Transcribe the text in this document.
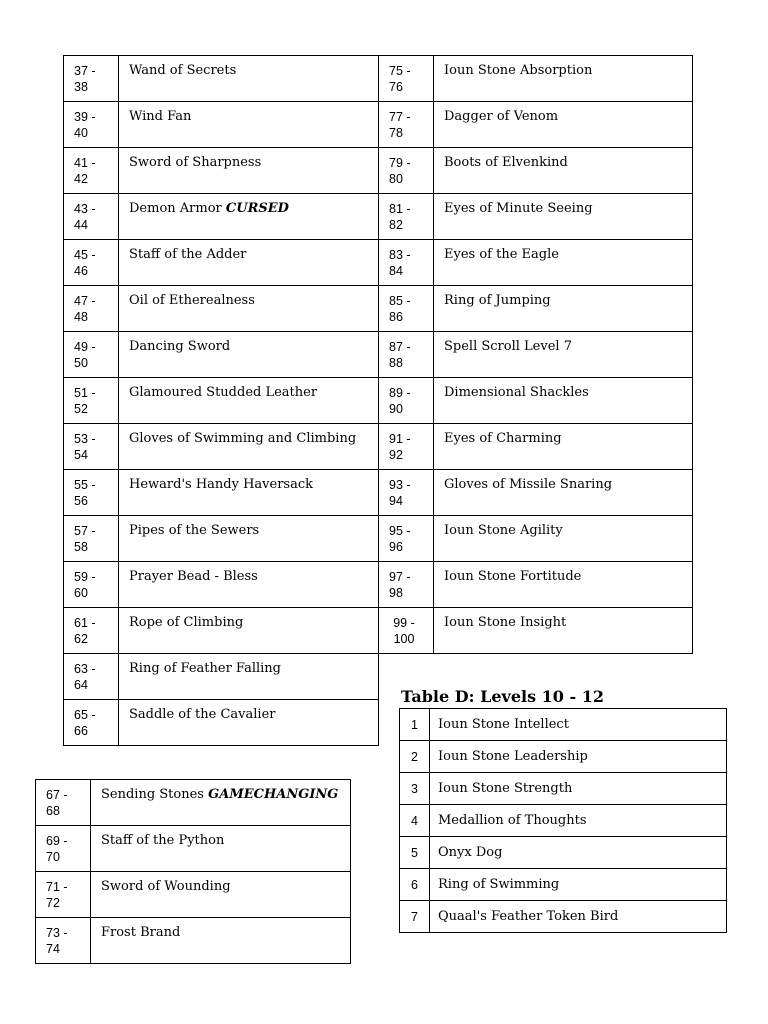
37 -
38	Wand of Secrets
39 -
40	Wind Fan
41 -
42	Sword of Sharpness
43 -
44	Demon Armor CURSED
45 -
46	Staff of the Adder
47 -
48	Oil of Etherealness
49 -
50	Dancing Sword
51 -
52	Glamoured Studded Leather
53 -
54	Gloves of Swimming and Climbing
55 -
56	Heward's Handy Haversack
57 -
58	Pipes of the Sewers
59 -
60	Prayer Bead - Bless
61 -
62	Rope of Climbing
63 -
64	Ring of Feather Falling
65 -
66	Saddle of the Cavalier
75 -
76	Ioun Stone Absorption
77 -
78	Dagger of Venom
79 -
80	Boots of Elvenkind
81 -
82	Eyes of Minute Seeing
83 -
84	Eyes of the Eagle
85 -
86	Ring of Jumping
87 -
88	Spell Scroll Level 7
89 -
90	Dimensional Shackles
91 -
92	Eyes of Charming
93 -
94	Gloves of Missile Snaring
95 -
96	Ioun Stone Agility
97 -
98	Ioun Stone Fortitude
99 -
100	Ioun Stone Insight
67 -
68	Sending Stones GAMECHANGING
69 -
70	Staff of the Python
71 -
72	Sword of Wounding
73 -
74	Frost Brand
Table D: Levels 10 - 12
1	Ioun Stone Intellect
2	Ioun Stone Leadership
3	Ioun Stone Strength
4	Medallion of Thoughts
5	Onyx Dog
6	Ring of Swimming
7	Quaal's Feather Token Bird
